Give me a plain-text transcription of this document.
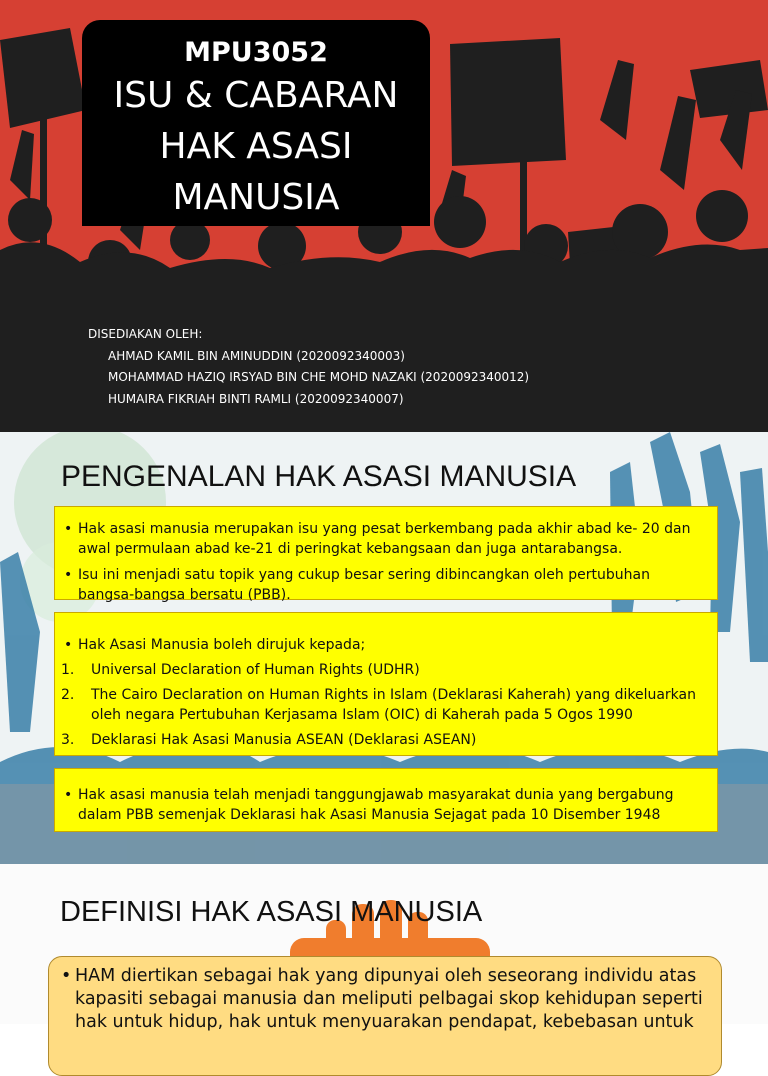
MPU3052
ISU & CABARAN
HAK ASASI
MANUSIA
DISEDIAKAN OLEH:
AHMAD KAMIL BIN AMINUDDIN (2020092340003)
MOHAMMAD HAZIQ IRSYAD BIN CHE MOHD NAZAKI (2020092340012)
HUMAIRA FIKRIAH BINTI RAMLI (2020092340007)
PENGENALAN HAK ASASI MANUSIA
• Hak asasi manusia merupakan isu yang pesat berkembang pada akhir abad ke- 20 dan awal permulaan abad ke-21 di peringkat kebangsaan dan juga antarabangsa.
• Isu ini menjadi satu topik yang cukup besar sering dibincangkan oleh pertubuhan bangsa-bangsa bersatu (PBB).
• Hak Asasi Manusia boleh dirujuk kepada;
1. Universal Declaration of Human Rights (UDHR)
2. The Cairo Declaration on Human Rights in Islam (Deklarasi Kaherah) yang dikeluarkan oleh negara Pertubuhan Kerjasama Islam (OIC) di Kaherah pada 5 Ogos 1990
3. Deklarasi Hak Asasi Manusia ASEAN (Deklarasi ASEAN)
• Hak asasi manusia telah menjadi tanggungjawab masyarakat dunia yang bergabung dalam PBB semenjak Deklarasi hak Asasi Manusia Sejagat pada 10 Disember 1948
DEFINISI HAK ASASI MANUSIA
• HAM diertikan sebagai hak yang dipunyai oleh seseorang individu atas kapasiti sebagai manusia dan meliputi pelbagai skop kehidupan seperti hak untuk hidup, hak untuk menyuarakan pendapat, kebebasan untuk
